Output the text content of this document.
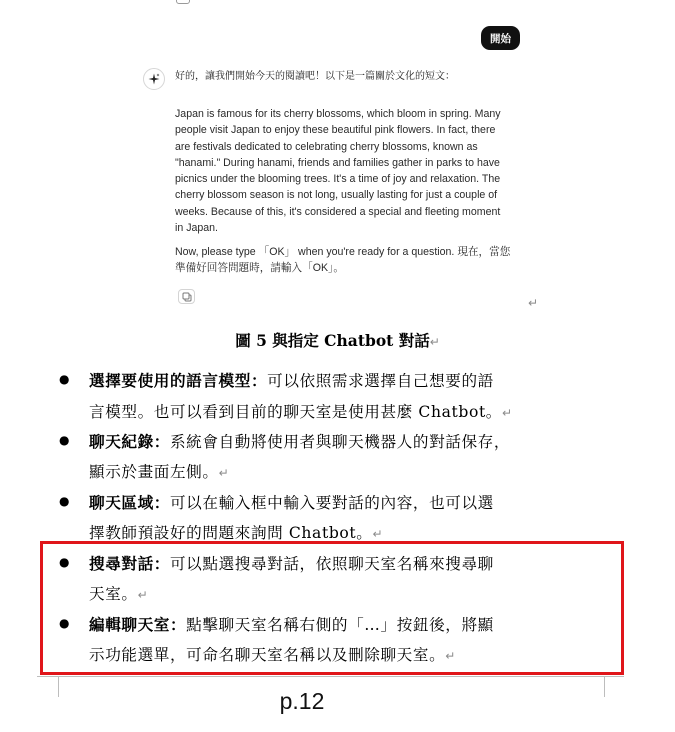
開始
好的，讓我們開始今天的閱讀吧！以下是一篇關於文化的短文：
Japan is famous for its cherry blossoms, which bloom in spring. Many
people visit Japan to enjoy these beautiful pink flowers. In fact, there
are festivals dedicated to celebrating cherry blossoms, known as
"hanami." During hanami, friends and families gather in parks to have
picnics under the blooming trees. It's a time of joy and relaxation. The
cherry blossom season is not long, usually lasting for just a couple of
weeks. Because of this, it's considered a special and fleeting moment
in Japan.
Now, please type 「OK」 when you're ready for a question. 現在，當您
準備好回答問題時，請輸入「OK」。
↵
圖 5 與指定 Chatbot 對話↵
● 選擇要使用的語言模型：可以依照需求選擇自己想要的語
言模型。也可以看到目前的聊天室是使用甚麼 Chatbot。↵
● 聊天紀錄：系統會自動將使用者與聊天機器人的對話保存，
顯示於畫面左側。↵
● 聊天區域：可以在輸入框中輸入要對話的內容，也可以選
擇教師預設好的問題來詢問 Chatbot。↵
● 搜尋對話：可以點選搜尋對話，依照聊天室名稱來搜尋聊
天室。↵
● 編輯聊天室：點擊聊天室名稱右側的「…」按鈕後，將顯
示功能選單，可命名聊天室名稱以及刪除聊天室。↵
p.12
